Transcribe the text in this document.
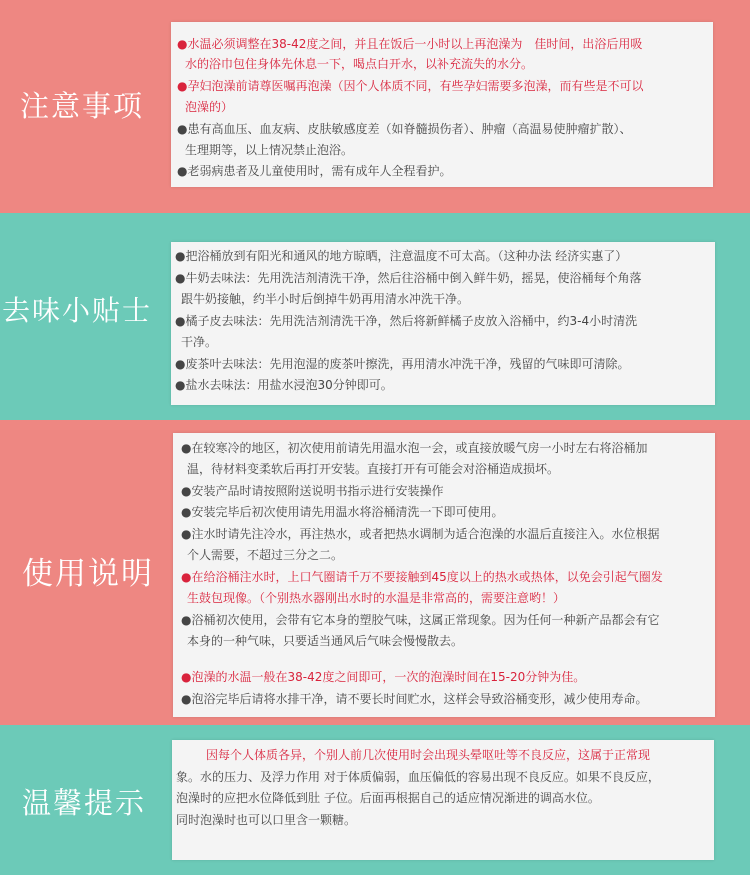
注意事项
●水温必须调整在38-42度之间，并且在饭后一小时以上再泡澡为　佳时间，出浴后用吸
水的浴巾包住身体先休息一下，喝点白开水，以补充流失的水分。
●孕妇泡澡前请尊医嘱再泡澡（因个人体质不同，有些孕妇需要多泡澡，而有些是不可以
泡澡的）
●患有高血压、血友病、皮肤敏感度差（如脊髓损伤者）、肿瘤（高温易使肿瘤扩散）、
生理期等，以上情况禁止泡浴。
●老弱病患者及儿童使用时，需有成年人全程看护。
去味小贴士
●把浴桶放到有阳光和通风的地方晾晒，注意温度不可太高。（这种办法 经济实惠了）
●牛奶去味法：先用洗洁剂清洗干净，然后往浴桶中倒入鲜牛奶，摇晃，使浴桶每个角落
跟牛奶接触，约半小时后倒掉牛奶再用清水冲洗干净。
●橘子皮去味法：先用洗洁剂清洗干净，然后将新鲜橘子皮放入浴桶中，约3-4小时清洗
干净。
●废茶叶去味法：先用泡湿的废茶叶擦洗，再用清水冲洗干净，残留的气味即可清除。
●盐水去味法：用盐水浸泡30分钟即可。
使用说明
●在较寒冷的地区，初次使用前请先用温水泡一会，或直接放暖气房一小时左右将浴桶加
温，待材料变柔软后再打开安装。直接打开有可能会对浴桶造成损坏。
●安装产品时请按照附送说明书指示进行安装操作
●安装完毕后初次使用请先用温水将浴桶清洗一下即可使用。
●注水时请先注冷水，再注热水，或者把热水调制为适合泡澡的水温后直接注入。水位根据
个人需要，不超过三分之二。
●在给浴桶注水时，上口气圈请千万不要接触到45度以上的热水或热体，以免会引起气圈发
生鼓包现像。（个别热水器刚出水时的水温是非常高的，需要注意哟！）
●浴桶初次使用，会带有它本身的塑胶气味，这属正常现象。因为任何一种新产品都会有它
本身的一种气味，只要适当通风后气味会慢慢散去。
●泡澡的水温一般在38-42度之间即可，一次的泡澡时间在15-20分钟为佳。
●泡浴完毕后请将水排干净，请不要长时间贮水，这样会导致浴桶变形，减少使用寿命。
温馨提示
因每个人体质各异，个别人前几次使用时会出现头晕呕吐等不良反应，这属于正常现
象。水的压力、及浮力作用 对于体质偏弱，血压偏低的容易出现不良反应。如果不良反应，
泡澡时的应把水位降低到肚 子位。后面再根据自己的适应情况渐进的调高水位。
同时泡澡时也可以口里含一颗糖。
